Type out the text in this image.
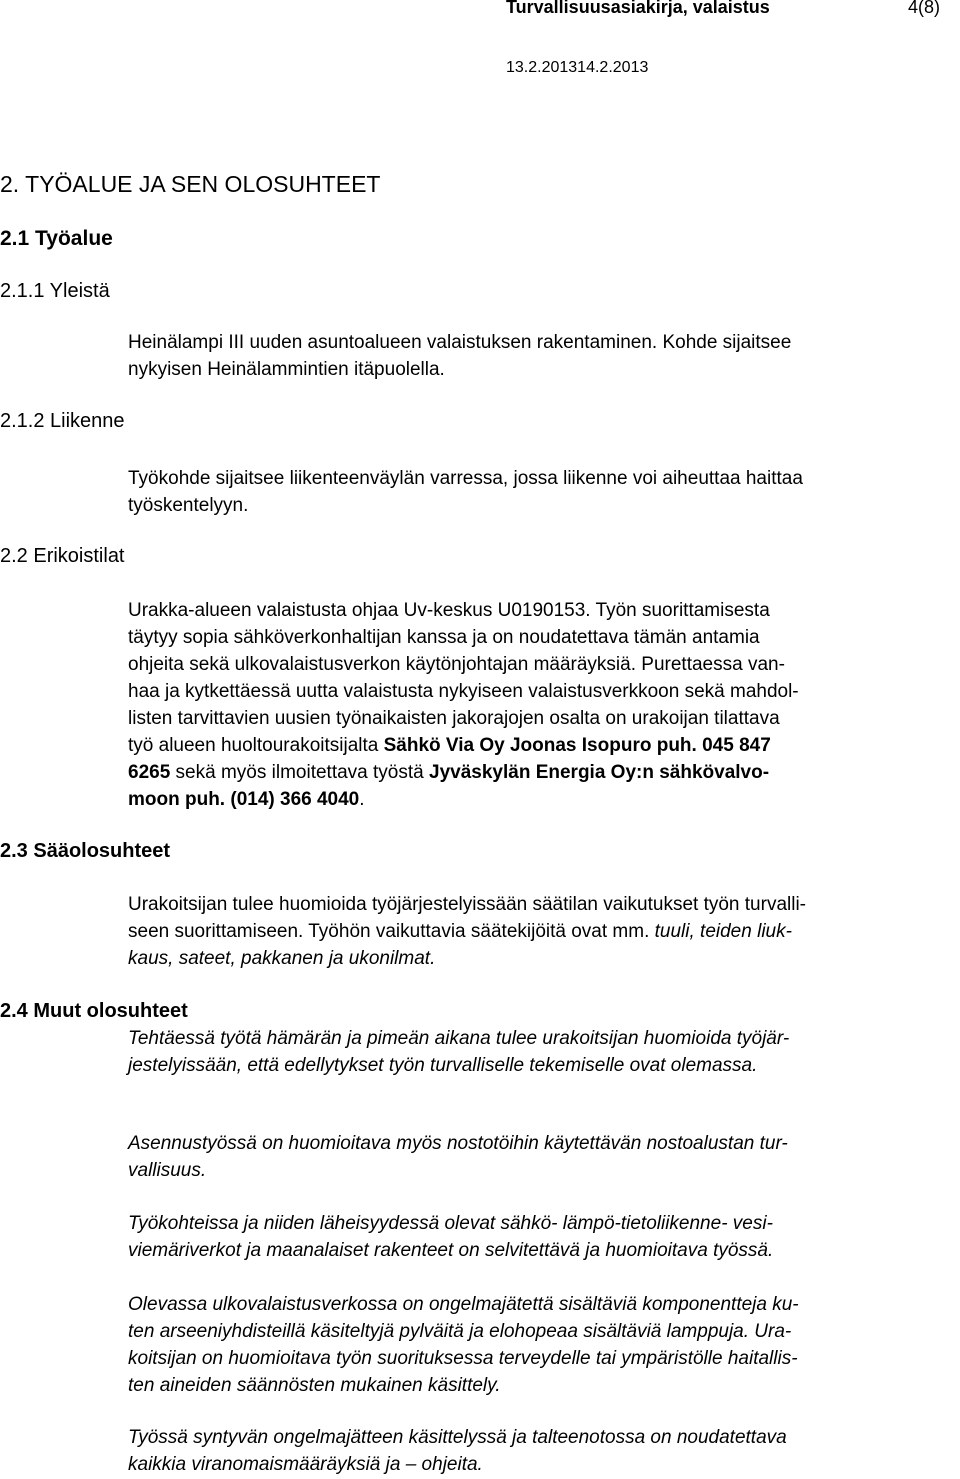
Turvallisuusasiakirja, valaistus	4(8)
13.2.201314.2.2013
2. TYÖALUE JA SEN OLOSUHTEET
2.1 Työalue
2.1.1 Yleistä
Heinälampi III uuden asuntoalueen valaistuksen rakentaminen. Kohde sijaitsee
nykyisen Heinälammintien itäpuolella.
2.1.2 Liikenne
Työkohde sijaitsee liikenteenväylän varressa, jossa liikenne voi aiheuttaa haittaa
työskentelyyn.
2.2 Erikoistilat
Urakka-alueen valaistusta ohjaa Uv-keskus U0190153. Työn suorittamisesta
täytyy sopia sähköverkonhaltijan kanssa ja on noudatettava tämän antamia
ohjeita sekä ulkovalaistusverkon käytönjohtajan määräyksiä. Purettaessa van-
haa ja kytkettäessä uutta valaistusta nykyiseen valaistusverkkoon sekä mahdol-
listen tarvittavien uusien työnaikaisten jakorajojen osalta on urakoijan tilattava
työ alueen huoltourakoitsijalta Sähkö Via Oy Joonas Isopuro puh. 045 847
6265 sekä myös ilmoitettava työstä Jyväskylän Energia Oy:n sähkövalvo-
moon puh. (014) 366 4040.
2.3 Sääolosuhteet
Urakoitsijan tulee huomioida työjärjestelyissään säätilan vaikutukset työn turvalli-
seen suorittamiseen. Työhön vaikuttavia säätekijöitä ovat mm. tuuli, teiden liuk-
kaus, sateet, pakkanen ja ukonilmat.
2.4 Muut olosuhteet
Tehtäessä työtä hämärän ja pimeän aikana tulee urakoitsijan huomioida työjär-
jestelyissään, että edellytykset työn turvalliselle tekemiselle ovat olemassa.
Asennustyössä on huomioitava myös nostotöihin käytettävän nostoalustan tur-
vallisuus.
Työkohteissa ja niiden läheisyydessä olevat sähkö- lämpö-tietoliikenne- vesi-
viemäriverkot ja maanalaiset rakenteet on selvitettävä ja huomioitava työssä.
Olevassa ulkovalaistusverkossa on ongelmajätettä sisältäviä komponentteja ku-
ten arseeniyhdisteillä käsiteltyjä pylväitä ja elohopeaa sisältäviä lamppuja. Ura-
koitsijan on huomioitava työn suorituksessa terveydelle tai ympäristölle haitallis-
ten aineiden säännösten mukainen käsittely.
Työssä syntyvän ongelmajätteen käsittelyssä ja talteenotossa on noudatettava
kaikkia viranomaismääräyksiä ja – ohjeita.
